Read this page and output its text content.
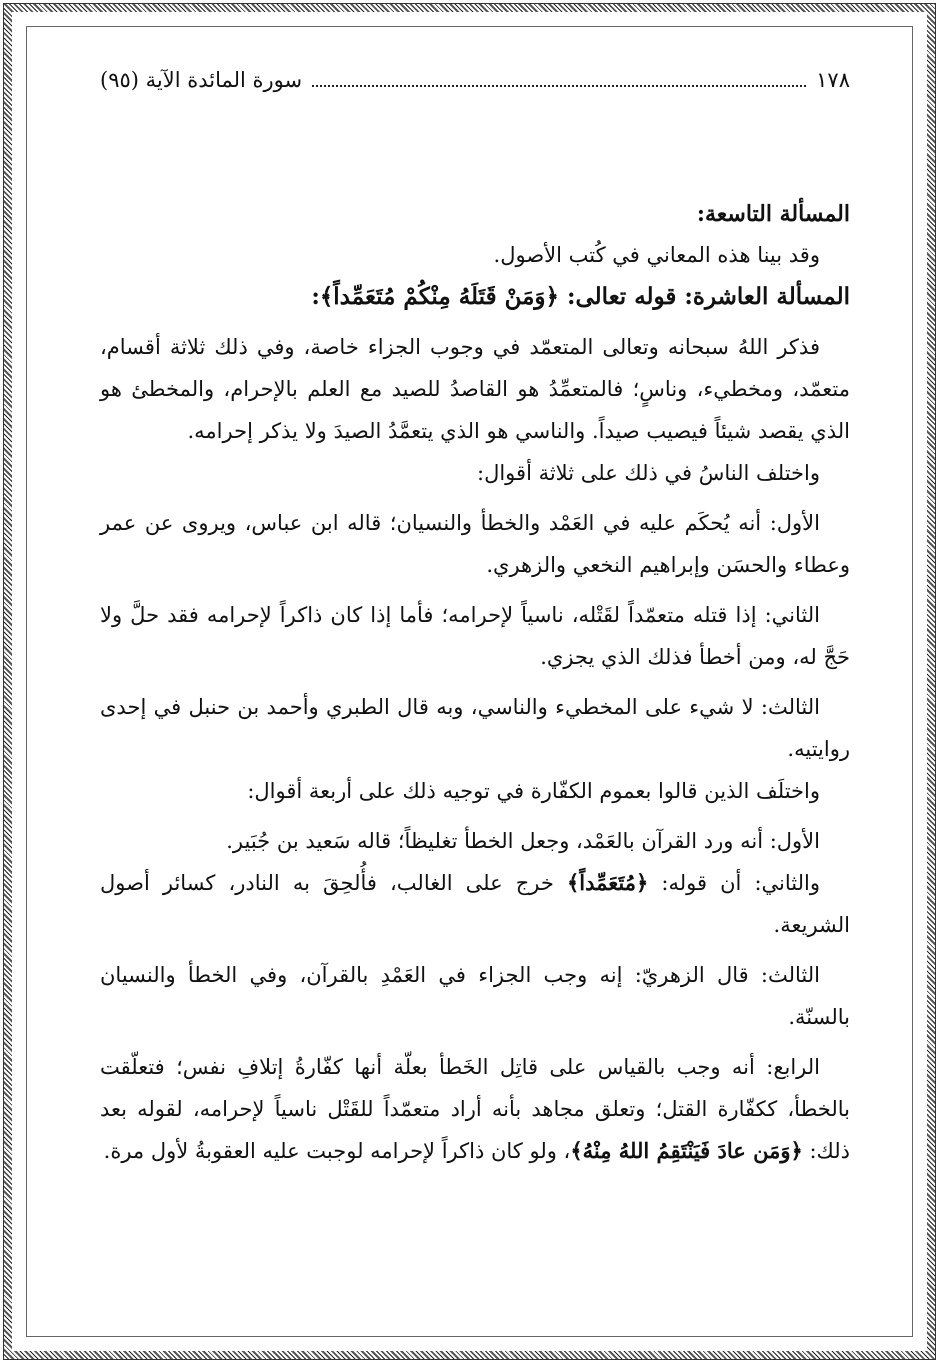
١٧٨
سورة المائدة الآية (٩٥)
المسألة التاسعة:

وقد بينا هذه المعاني في كُتب الأصول.

المسألة العاشرة: قوله تعالى: ﴿وَمَنْ قَتَلَهُ مِنْكُمْ مُتَعَمِّداً﴾:

فذكر اللهُ سبحانه وتعالى المتعمّد في وجوب الجزاء خاصة، وفي ذلك ثلاثة أقسام، متعمّد، ومخطيء، وناسٍ؛ فالمتعمِّدُ هو القاصدُ للصيد مع العلم بالإحرام، والمخطئ هو الذي يقصد شيئاً فيصيب صيداً. والناسي هو الذي يتعمَّدُ الصيدَ ولا يذكر إحرامه.

واختلف الناسُ في ذلك على ثلاثة أقوال:

الأول: أنه يُحكَم عليه في العَمْد والخطأ والنسيان؛ قاله ابن عباس، ويروى عن عمر وعطاء والحسَن وإبراهيم النخعي والزهري.

الثاني: إذا قتله متعمّداً لقَتْله، ناسياً لإحرامه؛ فأما إذا كان ذاكراً لإحرامه فقد حلَّ ولا حَجَّ له، ومن أخطأ فذلك الذي يجزي.

الثالث: لا شيء على المخطيء والناسي، وبه قال الطبري وأحمد بن حنبل في إحدى روايتيه.

واختلَف الذين قالوا بعموم الكفّارة في توجيه ذلك على أربعة أقوال:

الأول: أنه ورد القرآن بالعَمْد، وجعل الخطأ تغليظاً؛ قاله سَعيد بن جُبَير.

والثاني: أن قوله: ﴿مُتَعَمِّداً﴾ خرج على الغالب، فأُلحِقَ به النادر، كسائر أصول الشريعة.

الثالث: قال الزهريّ: إنه وجب الجزاء في العَمْدِ بالقرآن، وفي الخطأ والنسيان بالسنّة.

الرابع: أنه وجب بالقياس على قاتِل الخَطأ بعلّة أنها كفّارةُ إتلافِ نفس؛ فتعلّقت بالخطأ، ككفّارة القتل؛ وتعلق مجاهد بأنه أراد متعمّداً للقَتْل ناسياً لإحرامه، لقوله بعد ذلك: ﴿وَمَن عادَ فَيَنْتَقِمُ اللهُ مِنْهُ﴾، ولو كان ذاكراً لإحرامه لوجبت عليه العقوبةُ لأول مرة.
